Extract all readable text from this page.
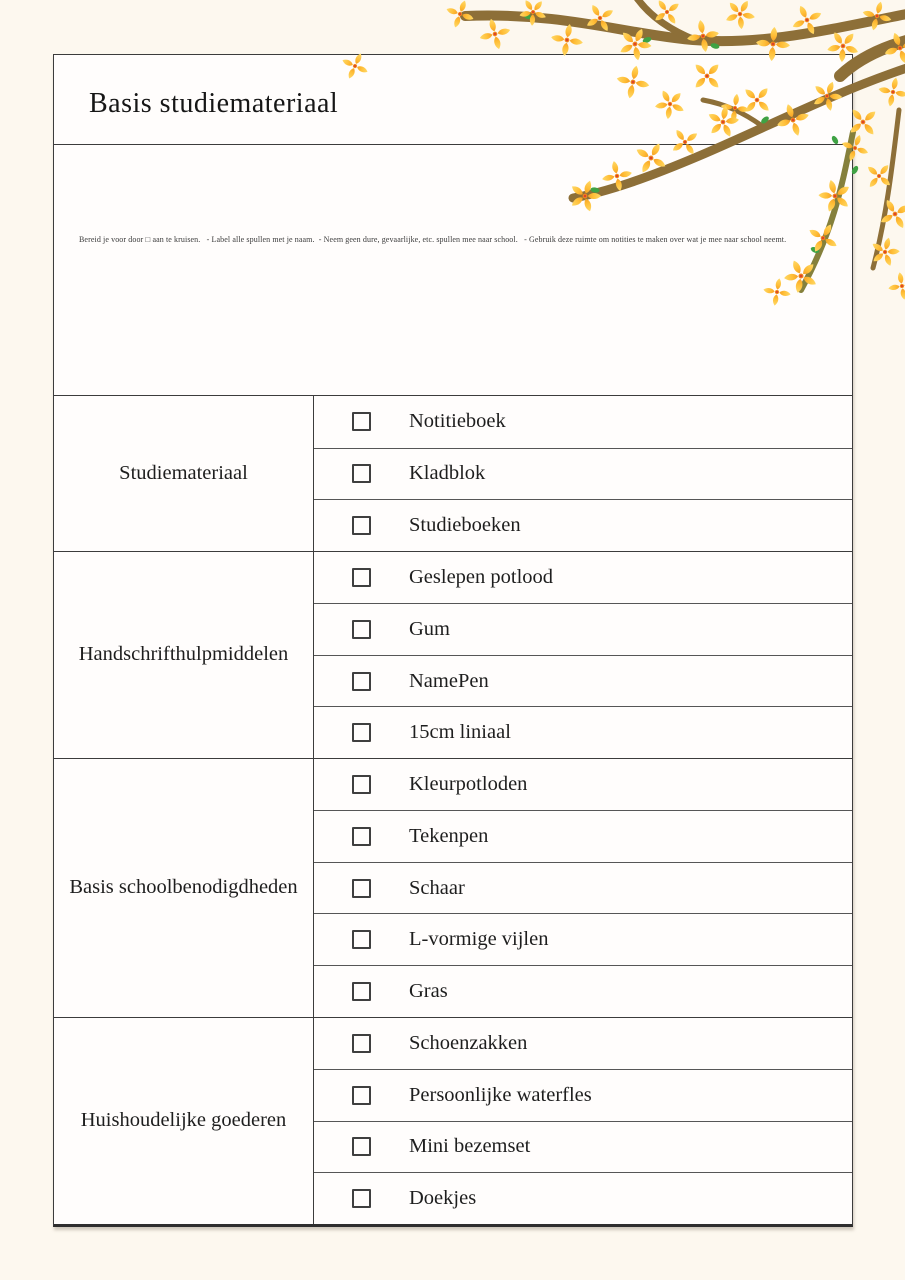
Basis studiemateriaal

Bereid je voor door □ aan te kruisen.   - Label alle spullen met je naam.  - Neem geen dure, gevaarlijke, etc. spullen mee naar school.   - Gebruik deze ruimte om notities te maken over wat je mee naar school neemt.

Studiemateriaal
Notitieboek
Kladblok
Studieboeken
Handschrifthulpmiddelen
Geslepen potlood
Gum
NamePen
15cm liniaal
Basis schoolbenodigdheden
Kleurpotloden
Tekenpen
Schaar
L-vormige vijlen
Gras
Huishoudelijke goederen
Schoenzakken
Persoonlijke waterfles
Mini bezemset
Doekjes
